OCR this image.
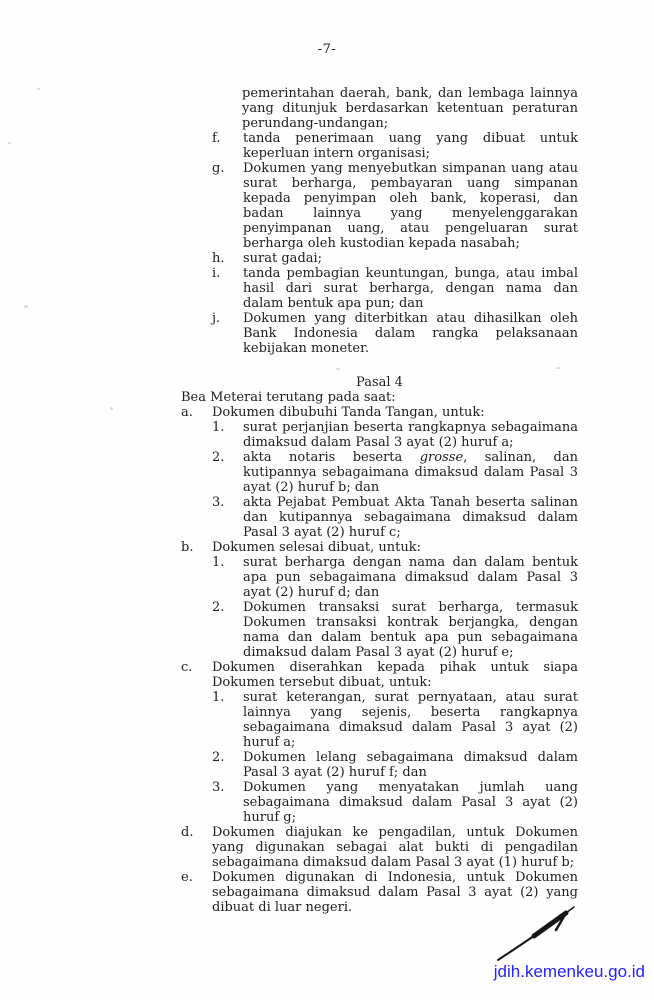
-7-
pemerintahan daerah, bank, dan lembaga lainnya yang ditunjuk berdasarkan ketentuan peraturan perundang-undangan;
f.	tanda penerimaan uang yang dibuat untuk keperluan intern organisasi;
g.	Dokumen yang menyebutkan simpanan uang atau surat berharga, pembayaran uang simpanan kepada penyimpan oleh bank, koperasi, dan badan lainnya yang menyelenggarakan penyimpanan uang, atau pengeluaran surat berharga oleh kustodian kepada nasabah;
h.	surat gadai;
i.	tanda pembagian keuntungan, bunga, atau imbal hasil dari surat berharga, dengan nama dan dalam bentuk apa pun; dan
j.	Dokumen yang diterbitkan atau dihasilkan oleh Bank Indonesia dalam rangka pelaksanaan kebijakan moneter.
Pasal 4
Bea Meterai terutang pada saat:
a.	Dokumen dibubuhi Tanda Tangan, untuk:
1.	surat perjanjian beserta rangkapnya sebagaimana dimaksud dalam Pasal 3 ayat (2) huruf a;
2.	akta notaris beserta grosse, salinan, dan kutipannya sebagaimana dimaksud dalam Pasal 3 ayat (2) huruf b; dan
3.	akta Pejabat Pembuat Akta Tanah beserta salinan dan kutipannya sebagaimana dimaksud dalam Pasal 3 ayat (2) huruf c;
b.	Dokumen selesai dibuat, untuk:
1.	surat berharga dengan nama dan dalam bentuk apa pun sebagaimana dimaksud dalam Pasal 3 ayat (2) huruf d; dan
2.	Dokumen transaksi surat berharga, termasuk Dokumen transaksi kontrak berjangka, dengan nama dan dalam bentuk apa pun sebagaimana dimaksud dalam Pasal 3 ayat (2) huruf e;
c.	Dokumen diserahkan kepada pihak untuk siapa Dokumen tersebut dibuat, untuk:
1.	surat keterangan, surat pernyataan, atau surat lainnya yang sejenis, beserta rangkapnya sebagaimana dimaksud dalam Pasal 3 ayat (2) huruf a;
2.	Dokumen lelang sebagaimana dimaksud dalam Pasal 3 ayat (2) huruf f; dan
3.	Dokumen yang menyatakan jumlah uang sebagaimana dimaksud dalam Pasal 3 ayat (2) huruf g;
d.	Dokumen diajukan ke pengadilan, untuk Dokumen yang digunakan sebagai alat bukti di pengadilan sebagaimana dimaksud dalam Pasal 3 ayat (1) huruf b;
e.	Dokumen digunakan di Indonesia, untuk Dokumen sebagaimana dimaksud dalam Pasal 3 ayat (2) yang dibuat di luar negeri.
jdih.kemenkeu.go.id
